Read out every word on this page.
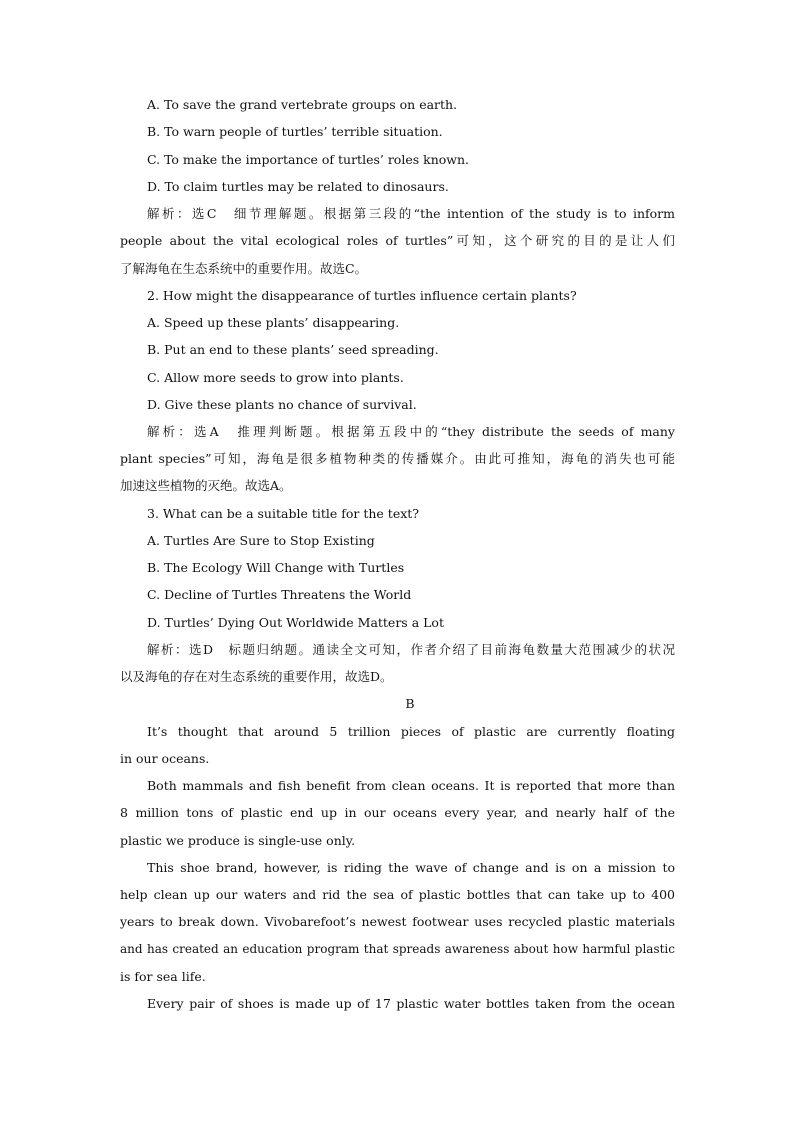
A. To save the grand vertebrate groups on earth.
B. To warn people of turtles’ terrible situation.
C. To make the importance of turtles’ roles known.
D. To claim turtles may be related to dinosaurs.
解析：选C　细节理解题。根据第三段的“the intention of the study is to inform
people about the vital ecological roles of turtles”可知，这个研究的目的是让人们
了解海龟在生态系统中的重要作用。故选C。
2. How might the disappearance of turtles influence certain plants?
A. Speed up these plants’ disappearing.
B. Put an end to these plants’ seed spreading.
C. Allow more seeds to grow into plants.
D. Give these plants no chance of survival.
解析：选A　推理判断题。根据第五段中的“they distribute the seeds of many
plant species”可知，海龟是很多植物种类的传播媒介。由此可推知，海龟的消失也可能
加速这些植物的灭绝。故选A。
3. What can be a suitable title for the text?
A. Turtles Are Sure to Stop Existing
B. The Ecology Will Change with Turtles
C. Decline of Turtles Threatens the World
D. Turtles’ Dying Out Worldwide Matters a Lot
解析：选D　标题归纳题。通读全文可知，作者介绍了目前海龟数量大范围减少的状况
以及海龟的存在对生态系统的重要作用，故选D。
B
It’s thought that around 5 trillion pieces of plastic are currently floating
in our oceans.
Both mammals and fish benefit from clean oceans. It is reported that more than
8 million tons of plastic end up in our oceans every year, and nearly half of the
plastic we produce is single-use only.
This shoe brand, however, is riding the wave of change and is on a mission to
help clean up our waters and rid the sea of plastic bottles that can take up to 400
years to break down. Vivobarefoot’s newest footwear uses recycled plastic materials
and has created an education program that spreads awareness about how harmful plastic
is for sea life.
Every pair of shoes is made up of 17 plastic water bottles taken from the ocean
